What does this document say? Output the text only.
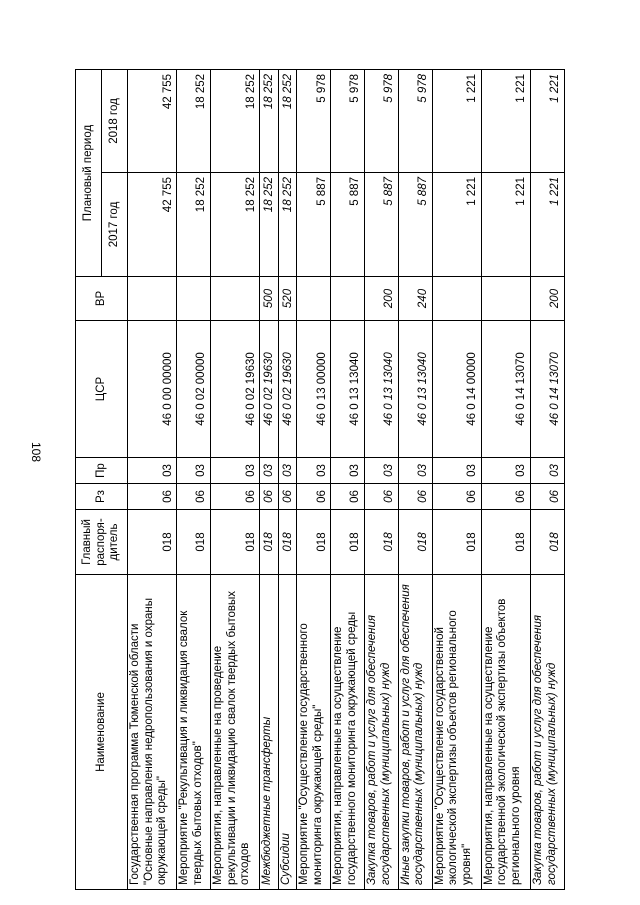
108
Наименование	Главный распоря-дитель	Рз	Пр	ЦСР	ВР	Плановый период	
						2017 год	2018 год
Государственная программа Тюменской области "Основные направления недропользования и охраны окружающей среды"	018	06	03	46 0 00 00000		42 755	42 755
Мероприятие "Рекультивация и ликвидация свалок твердых бытовых отходов"	018	06	03	46 0 02 00000		18 252	18 252
Мероприятия, направленные на проведение рекультивации и ликвидацию свалок твердых бытовых отходов	018	06	03	46 0 02 19630		18 252	18 252
Межбюджетные трансферты	018	06	03	46 0 02 19630	500	18 252	18 252
Субсидии	018	06	03	46 0 02 19630	520	18 252	18 252
Мероприятие "Осуществление государственного мониторинга окружающей среды"	018	06	03	46 0 13 00000		5 887	5 978
Мероприятия, направленные на осуществление государственного мониторинга окружающей среды	018	06	03	46 0 13 13040		5 887	5 978
Закупка товаров, работ и услуг для обеспечения государственных (муниципальных) нужд	018	06	03	46 0 13 13040	200	5 887	5 978
Иные закупки товаров, работ и услуг для обеспечения государственных (муниципальных) нужд	018	06	03	46 0 13 13040	240	5 887	5 978
Мероприятие "Осуществление государственной экологической экспертизы объектов регионального уровня"	018	06	03	46 0 14 00000		1 221	1 221
Мероприятия, направленные на осуществление государственной экологической экспертизы объектов регионального уровня	018	06	03	46 0 14 13070		1 221	1 221
Закупка товаров, работ и услуг для обеспечения государственных (муниципальных) нужд	018	06	03	46 0 14 13070	200	1 221	1 221
